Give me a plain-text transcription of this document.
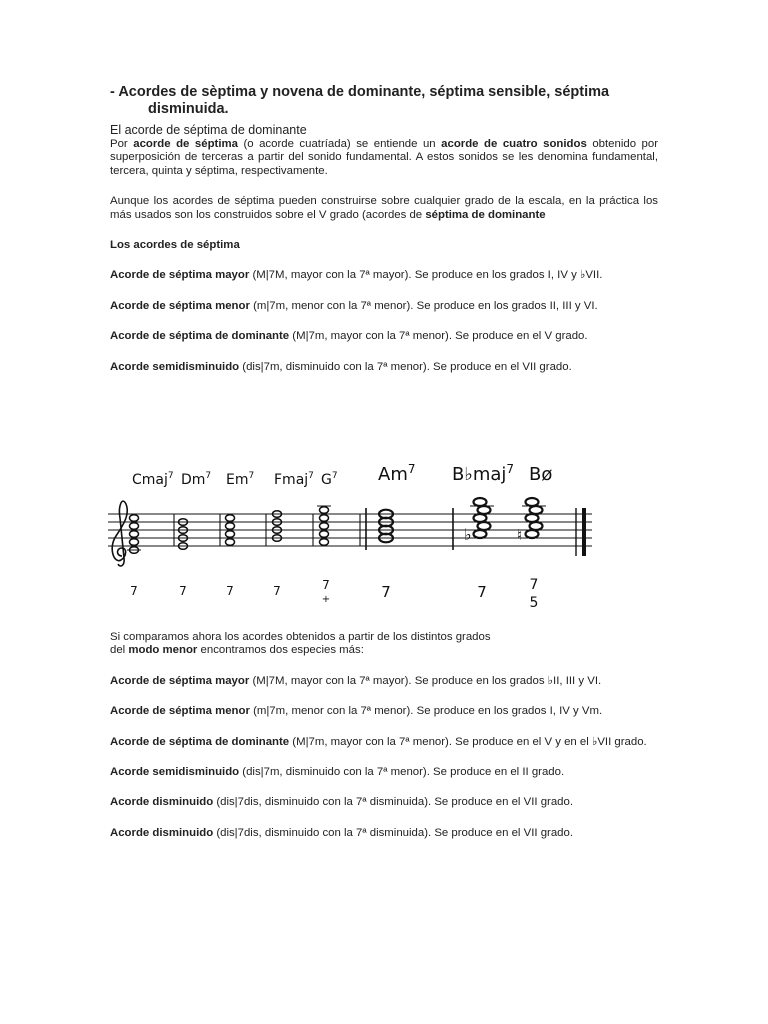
- Acordes de sèptima y novena de dominante, séptima sensible, séptima
disminuida.
El acorde de séptima de dominante

Por acorde de séptima (o acorde cuatríada) se entiende un acorde de cuatro sonidos obtenido por superposición de terceras a partir del sonido fundamental. A estos sonidos se les denomina fundamental, tercera, quinta y séptima, respectivamente.

Aunque los acordes de séptima pueden construirse sobre cualquier grado de la escala, en la práctica los más usados son los construidos sobre el V grado (acordes de séptima de dominante

Los acordes de séptima

Acorde de séptima mayor (M|7M, mayor con la 7ª mayor). Se produce en los grados I, IV y ♭VII.

Acorde de séptima menor (m|7m, menor con la 7ª menor). Se produce en los grados II, III y VI.

Acorde de séptima de dominante (M|7m, mayor con la 7ª menor). Se produce en el V grado.

Acorde semidisminuido (dis|7m, disminuido con la 7ª menor). Se produce en el VII grado.

Cmaj$^7$ Dm$^7$ Em$^7$ Fmaj$^7$ $G^7$ Am$^7$ B♭maj$^7$ Bø
♭	♮
7	7	7	7	7
+	7	7	7
5

Si comparamos ahora los acordes obtenidos a partir de los distintos grados
del modo menor encontramos dos especies más:

Acorde de séptima mayor (M|7M, mayor con la 7ª mayor). Se produce en los grados ♭II, III y VI.

Acorde de séptima menor (m|7m, menor con la 7ª menor). Se produce en los grados I, IV y Vm.

Acorde de séptima de dominante (M|7m, mayor con la 7ª menor). Se produce en el V y en el ♭VII grado.

Acorde semidisminuido (dis|7m, disminuido con la 7ª menor). Se produce en el II grado.

Acorde disminuido (dis|7dis, disminuido con la 7ª disminuida). Se produce en el VII grado.

Acorde disminuido (dis|7dis, disminuido con la 7ª disminuida). Se produce en el VII grado.
